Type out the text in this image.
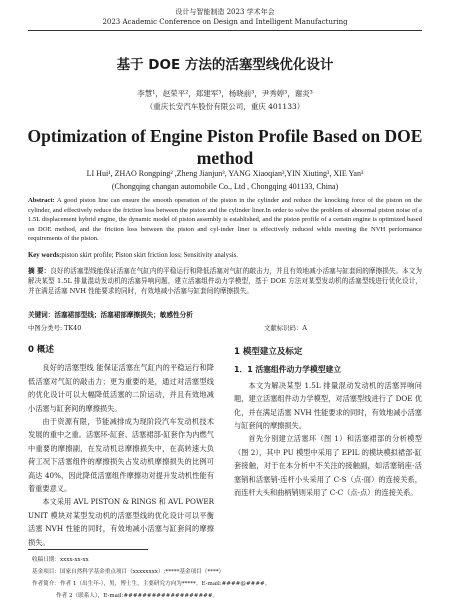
设计与智能制造 2023 学术年会
2023 Academic Conference on Design and Intelligent Manufacturing
基于 DOE 方法的活塞型线优化设计
李慧¹，赵荣平²，郑建军³，杨晓前³，尹秀婷³，谢炎³
（重庆长安汽车股份有限公司，重庆 401133）
Optimization of Engine Piston Profile Based on DOE method
LI Hui¹, ZHAO Rongping² ,Zheng Jianjun³, YANG Xiaoqian³,YIN Xiuting³, XIE Yan³
(Chongqing changan automobile Co., Ltd , Chongqing 401133, China)
Abstract: A good piston line can ensure the smooth operation of the piston in the cylinder and reduce the knocking force of the piston on the cylinder, and effectively reduce the friction loss between the piston and the cylinder liner.In order to solve the problem of abnormal piston noise of a 1.5L displacement hybrid engine, the dynamic model of piston assembly is established, and the piston profile of a certain engine is optimized based on DOE method, and the friction loss between the piston and cyl-inder liner is effectively reduced while meeting the NVH performance requirements of the piston.
Key words:piston skirt profile; Piston skirt friction loss; Sensitivity analysis.
摘 要：良好的活塞型线能保证活塞在气缸内的平稳运行和降低活塞对气缸的敲击力，并且有效地减小活塞与缸套间的摩擦损失。本文为解决某型 1.5L 排量混动发动机的活塞异响问题，建立活塞组件动力学模型，基于 DOE 方法对某型发动机的活塞型线进行优化设计，并在满足活塞 NVH 性能要求的同时，有效地减小活塞与缸套间的摩擦损失。
关键词：活塞裙部型线；活塞裙部摩擦损失；敏感性分析
中图分类号: TK40	文献标识码：A
0 概述

良好的活塞型线 能保证活塞在气缸内的平稳运行和降低活塞对气缸的敲击力；更为重要的是，通过对活塞型线的优化设计可以大幅降低活塞的二阶运动，并且有效地减小活塞与缸套间的摩擦损失。

由于资源有限，节能减排成为现阶段汽车发动机技术发展的重中之重。活塞环-缸套、活塞裙部-缸套作为内燃气中重要的摩擦副，在发动机总摩擦损失中，在高转速大负荷工况下活塞组件的摩擦损失占发动机摩擦损失的比例可高达 40%，因此降低活塞组件摩擦功对提升发动机性能有着重要意义。

本文采用 AVL PISTON & RINGS 和 AVL POWER UNIT 模块对某型发动机的活塞型线的优化设计可以平衡活塞 NVH 性能的同时，有效地减小活塞与缸套间的摩擦损失。

1 模型建立及标定
1．1 活塞组件动力学模型建立

本文为解决某型 1.5L 排量混动发动机的活塞异响问题，建立活塞组件动力学模型，对活塞型线进行了 DOE 优化，并在满足活塞 NVH 性能要求的同时，有效地减小活塞与缸套间的摩擦损失。

首先分别建立活塞环（图 1）和活塞裙部的分析模型（图 2），其中 PU 模型中采用了 EPIL 的模块模拟裙部-缸套接触，对于在本分析中不关注的接触副，如活塞销座-活塞销和活塞销-连杆小头采用了 C-S（点-面）的连接关系，而连杆大头和曲柄销则采用了 C-C（点-点）的连接关系。

收稿日期：xxxx-xx-xx
基金项目：国家自然科学基金重点项目（xxxxxxxx）;*****基金项目（****）
作者简介：作者 1（出生年-），男，博士生，主要研究方向为*****。E-mail:####@####。
作者 2（联系人），E-mail:###################。
